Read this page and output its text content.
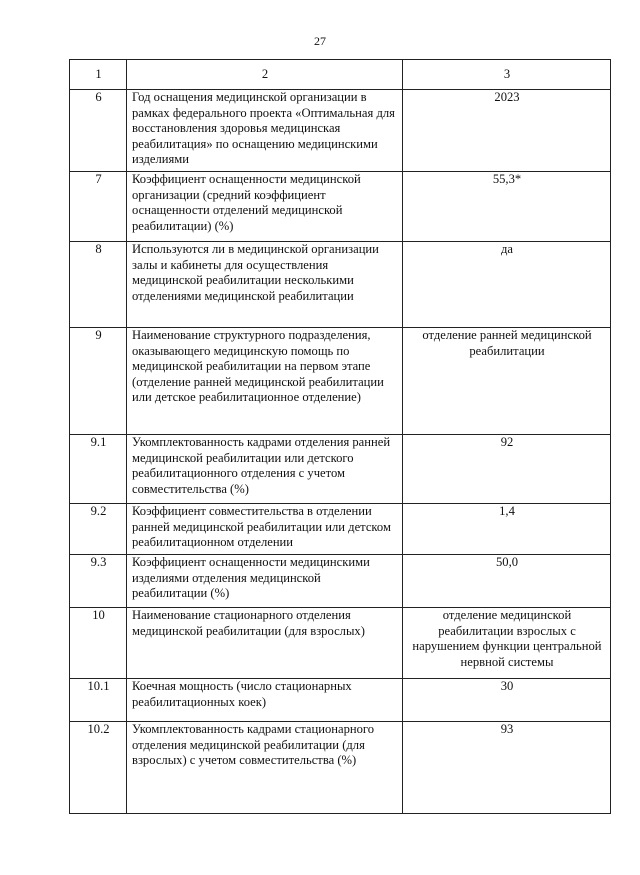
27
1	2	3
6	Год оснащения медицинской организации в рамках федерального проекта «Оптимальная для восстановления здоровья медицинская реабилитация» по оснащению медицинскими изделиями	2023
7	Коэффициент оснащенности медицинской организации (средний коэффициент оснащенности отделений медицинской реабилитации) (%)	55,3*
8	Используются ли в медицинской организации залы и кабинеты для осуществления медицинской реабилитации несколькими отделениями медицинской реабилитации	да
9	Наименование структурного подразделения, оказывающего медицинскую помощь по медицинской реабилитации на первом этапе (отделение ранней медицинской реабилитации или детское реабилитационное отделение)	отделение ранней медицинской реабилитации
9.1	Укомплектованность кадрами отделения ранней медицинской реабилитации или детского реабилитационного отделения с учетом совместительства (%)	92
9.2	Коэффициент совместительства в отделении ранней медицинской реабилитации или детском реабилитационном отделении	1,4
9.3	Коэффициент оснащенности медицинскими изделиями отделения медицинской реабилитации (%)	50,0
10	Наименование стационарного отделения медицинской реабилитации (для взрослых)	отделение медицинской реабилитации взрослых с нарушением функции центральной нервной системы
10.1	Коечная мощность (число стационарных реабилитационных коек)	30
10.2	Укомплектованность кадрами стационарного отделения медицинской реабилитации (для взрослых) с учетом совместительства (%)	93
